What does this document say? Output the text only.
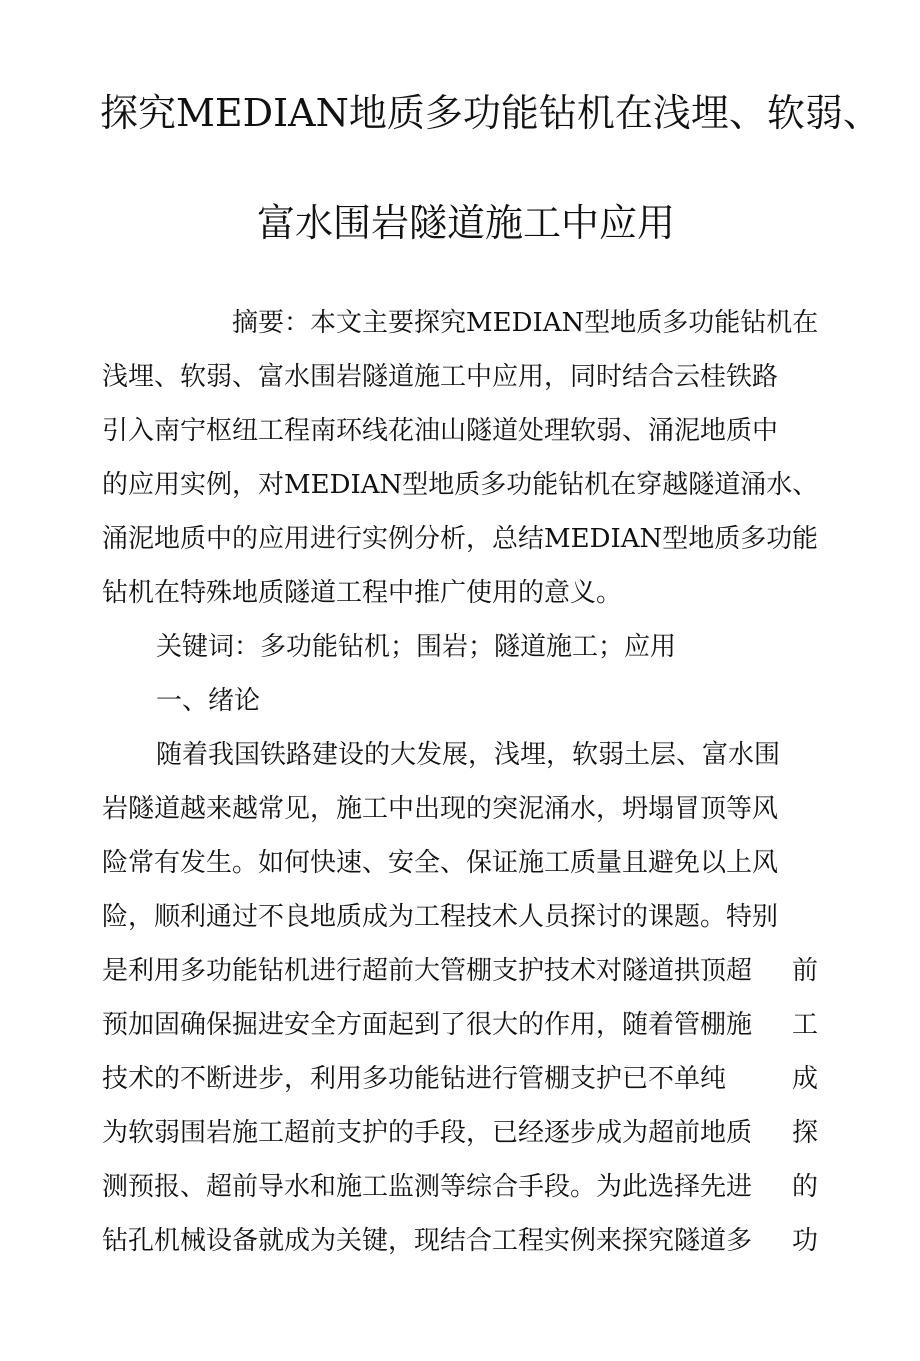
探究MEDIAN地质多功能钻机在浅埋、软弱、
富水围岩隧道施工中应用
摘要：本文主要探究MEDIAN型地质多功能钻机在
浅埋、软弱、富水围岩隧道施工中应用，同时结合云桂铁路
引入南宁枢纽工程南环线花油山隧道处理软弱、涌泥地质中
的应用实例，对MEDIAN型地质多功能钻机在穿越隧道涌水、
涌泥地质中的应用进行实例分析，总结MEDIAN型地质多功 能
钻机在特殊地质隧道工程中推广使用的意义。
关键词：多功能钻机；围岩；隧道施工；应用
一、绪论
随着我国铁路建设的大发展，浅埋，软弱土层、富水围
岩隧道越来越常见，施工中出现的突泥涌水，坍塌冒顶等风
险常有发生。如何快速、安全、保证施工质量且避免以上风
险，顺利通过不良地质成为工程技术人员探讨的课题。特别
是利用多功能钻机进行超前大管棚支护技术对隧道拱顶超 前
预加固确保掘进安全方面起到了很大的作用，随着管棚施 工
技术的不断进步，利用多功能钻进行管棚支护已不单纯	成
为软弱围岩施工超前支护的手段，已经逐步成为超前地质 探
测预报、超前导水和施工监测等综合手段。为此选择先进 的
钻孔机械设备就成为关键，现结合工程实例来探究隧道多 功
